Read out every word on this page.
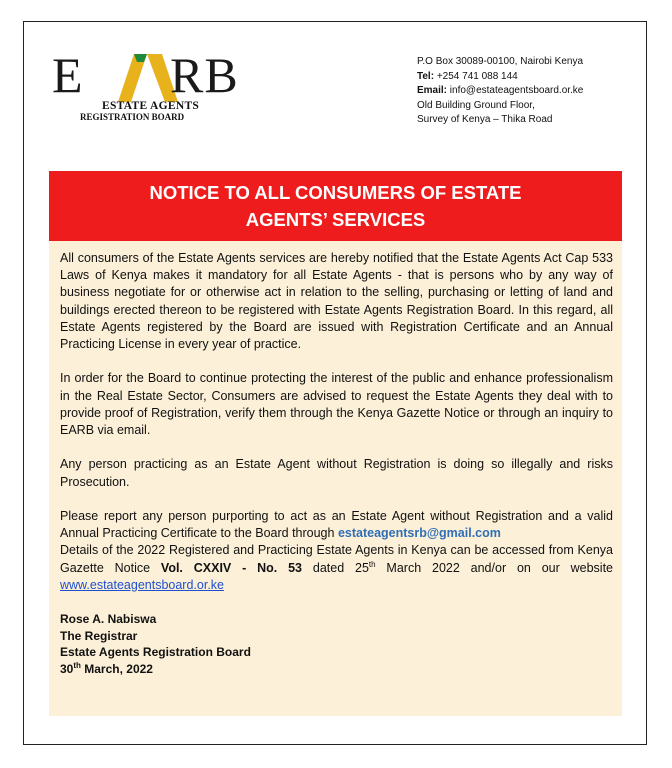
E RB
ESTATE AGENTS
REGISTRATION BOARD
P.O Box 30089-00100, Nairobi Kenya
Tel: +254 741 088 144
Email: info@estateagentsboard.or.ke
Old Building Ground Floor,
Survey of Kenya – Thika Road
NOTICE TO ALL CONSUMERS OF ESTATE
AGENTS’ SERVICES

All consumers of the Estate Agents services are hereby notified that the Estate Agents Act Cap 533 Laws of Kenya makes it mandatory for all Estate Agents - that is persons who by any way of business negotiate for or otherwise act in relation to the selling, purchasing or letting of land and buildings erected thereon to be registered with Estate Agents Registration Board. In this regard, all Estate Agents registered by the Board are issued with Registration Certificate and an Annual Practicing License in every year of practice.

In order for the Board to continue protecting the interest of the public and enhance professionalism in the Real Estate Sector, Consumers are advised to request the Estate Agents they deal with to provide proof of Registration, verify them through the Kenya Gazette Notice or through an inquiry to EARB via email.

Any person practicing as an Estate Agent without Registration is doing so illegally and risks Prosecution.

Please report any person purporting to act as an Estate Agent without Registration and a valid Annual Practicing Certificate to the Board through estateagentsrb@gmail.com

Details of the 2022 Registered and Practicing Estate Agents in Kenya can be accessed from Kenya Gazette Notice Vol. CXXIV - No. 53 dated 25th March 2022 and/or on our website www.estateagentsboard.or.ke

Rose A. Nabiswa
The Registrar
Estate Agents Registration Board
30th March, 2022
